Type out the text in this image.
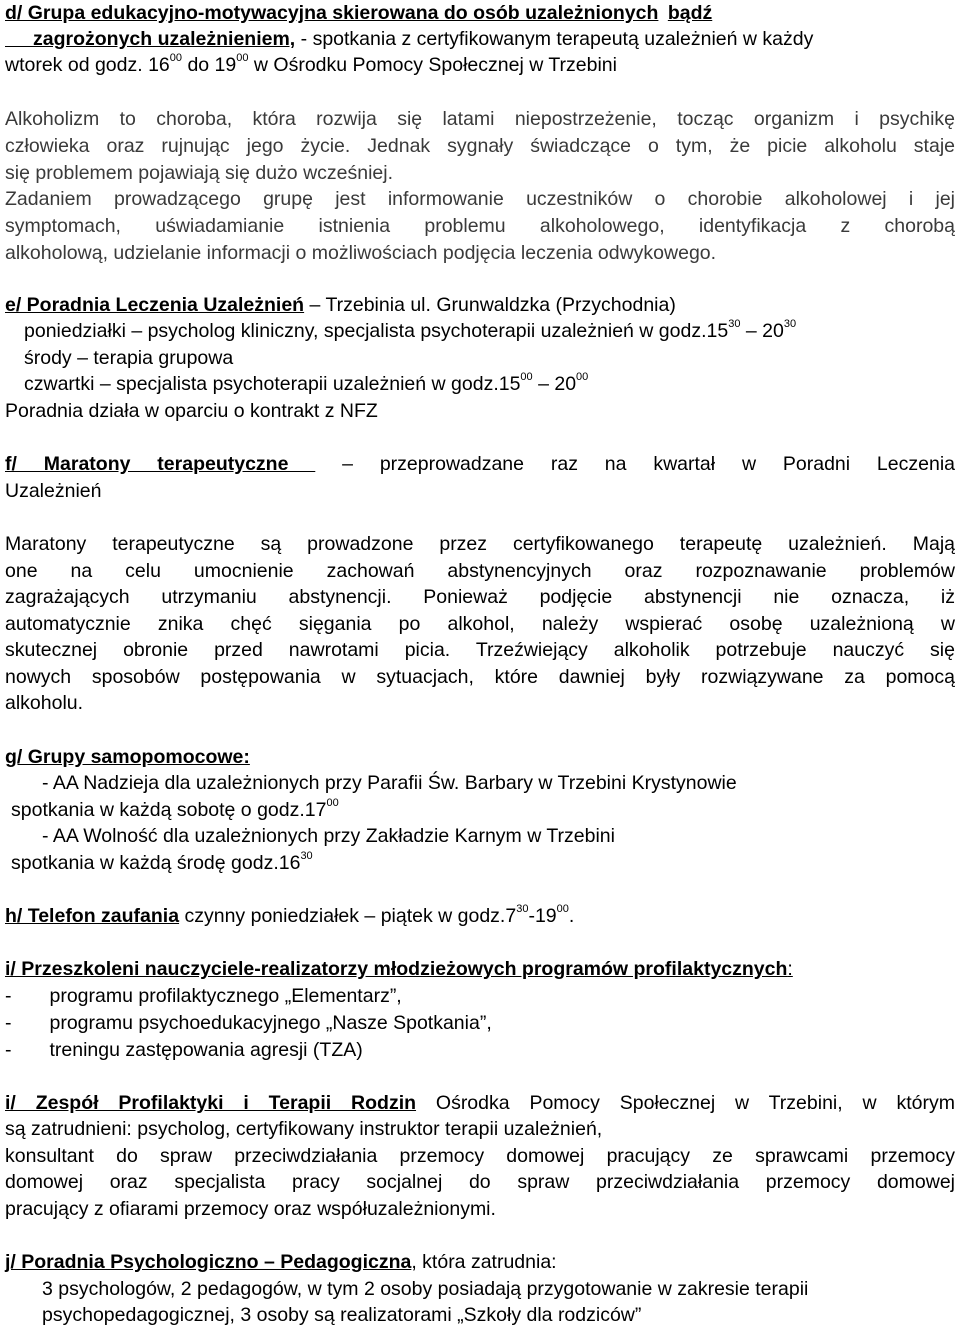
d/ Grupa edukacyjno-motywacyjna skierowana do osób uzależnionych bądź
zagrożonych uzależnieniem, - spotkania z certyfikowanym terapeutą uzależnień w każdy
wtorek od godz. $16^{00}$ do $19^{00}$ w Ośrodku Pomocy Społecznej w Trzebini
Alkoholizm to choroba, która rozwija się latami niepostrzeżenie, tocząc organizm i psychikę
człowieka oraz rujnując jego życie. Jednak sygnały świadczące o tym, że picie alkoholu staje
się problemem pojawiają się dużo wcześniej.
Zadaniem prowadzącego grupę jest informowanie uczestników o chorobie alkoholowej i jej
symptomach, uświadamianie istnienia problemu alkoholowego, identyfikacja z chorobą
alkoholową, udzielanie informacji o możliwościach podjęcia leczenia odwykowego.
e/ Poradnia Leczenia Uzależnień – Trzebinia ul. Grunwaldzka (Przychodnia)
poniedziałki – psycholog kliniczny, specjalista psychoterapii uzależnień w $godz.15^{30} - 20^{30}$
środy – terapia grupowa
czwartki – specjalista psychoterapii uzależnień w $godz.15^{00} - 20^{00}$
Poradnia działa w oparciu o kontrakt z NFZ
f/ Maratony terapeutyczne  – przeprowadzane raz na kwartał w Poradni Leczenia
Uzależnień
Maratony terapeutyczne są prowadzone przez certyfikowanego terapeutę uzależnień. Mają
one na celu umocnienie zachowań abstynencyjnych oraz rozpoznawanie problemów
zagrażających utrzymaniu abstynencji. Ponieważ podjęcie abstynencji nie oznacza, iż
automatycznie znika chęć sięgania po alkohol, należy wspierać osobę uzależnioną w
skutecznej obronie przed nawrotami picia. Trzeźwiejący alkoholik potrzebuje nauczyć się
nowych sposobów postępowania w sytuacjach, które dawniej były rozwiązywane za pomocą
alkoholu.
g/ Grupy samopomocowe:
- AA Nadzieja dla uzależnionych przy Parafii Św. Barbary w Trzebini Krystynowie
spotkania w każdą sobotę o $godz.17^{00}$
- AA Wolność dla uzależnionych przy Zakładzie Karnym w Trzebini
spotkania w każdą środę $godz.16^{30}$
h/ Telefon zaufania czynny poniedziałek – piątek w $godz.7^{30}-19^{00}$.
i/ Przeszkoleni nauczyciele-realizatorzy młodzieżowych programów profilaktycznych:
- programu profilaktycznego „Elementarz”,
- programu psychoedukacyjnego „Nasze Spotkania”,
- treningu zastępowania agresji (TZA)
i/ Zespół Profilaktyki i Terapii Rodzin Ośrodka Pomocy Społecznej w Trzebini, w którym
są zatrudnieni: psycholog, certyfikowany instruktor terapii uzależnień,
konsultant do spraw przeciwdziałania przemocy domowej pracujący ze sprawcami przemocy
domowej oraz specjalista pracy socjalnej do spraw przeciwdziałania przemocy domowej
pracujący z ofiarami przemocy oraz współuzależnionymi.
j/ Poradnia Psychologiczno – Pedagogiczna, która zatrudnia:
3 psychologów, 2 pedagogów, w tym 2 osoby posiadają przygotowanie w zakresie terapii
psychopedagogicznej, 3 osoby są realizatorami „Szkoły dla rodziców”
